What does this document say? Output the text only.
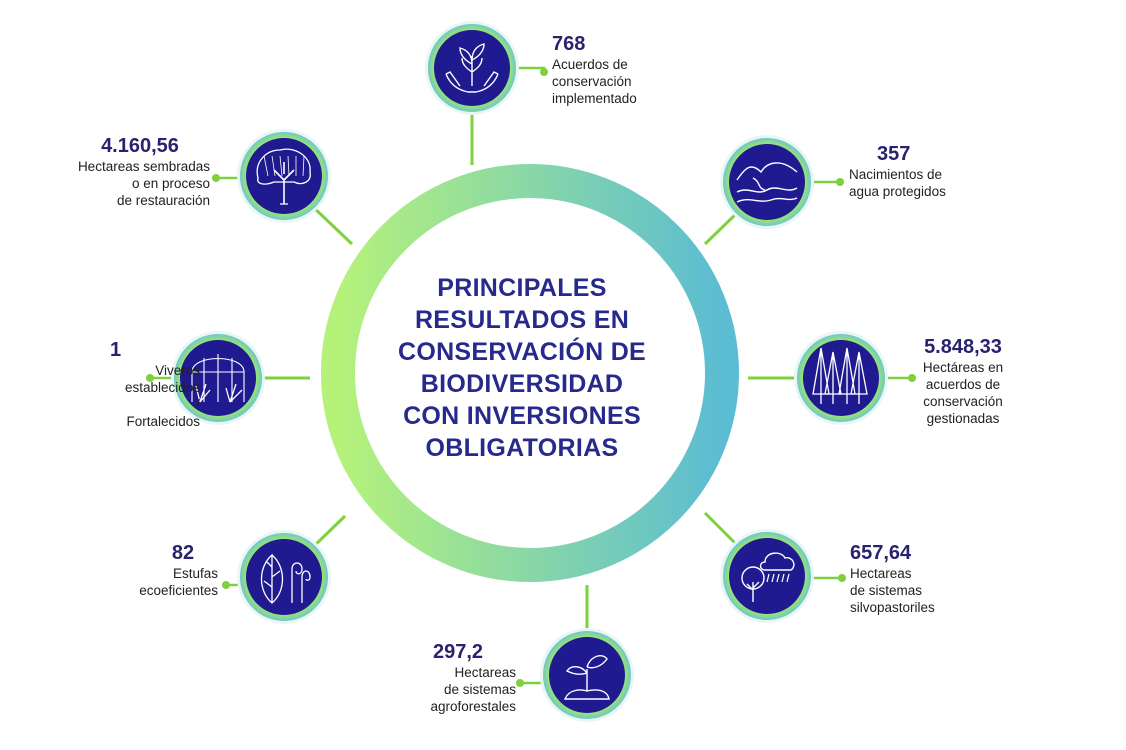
PRINCIPALES
RESULTADOS EN
CONSERVACIÓN DE
BIODIVERSIDAD
CON INVERSIONES
OBLIGATORIAS
768
Acuerdos de
conservación
implementado
357
Nacimientos de
agua protegidos
5.848,33
Hectáreas en
acuerdos de
conservación
gestionadas
657,64
Hectareas
de sistemas
silvopastoriles
297,2
Hectareas
de sistemas
agroforestales
82
Estufas
ecoeficientes
1
Viveros
establecidos /
Fortalecidos
4.160,56
Hectareas sembradas
o en proceso
de restauración
